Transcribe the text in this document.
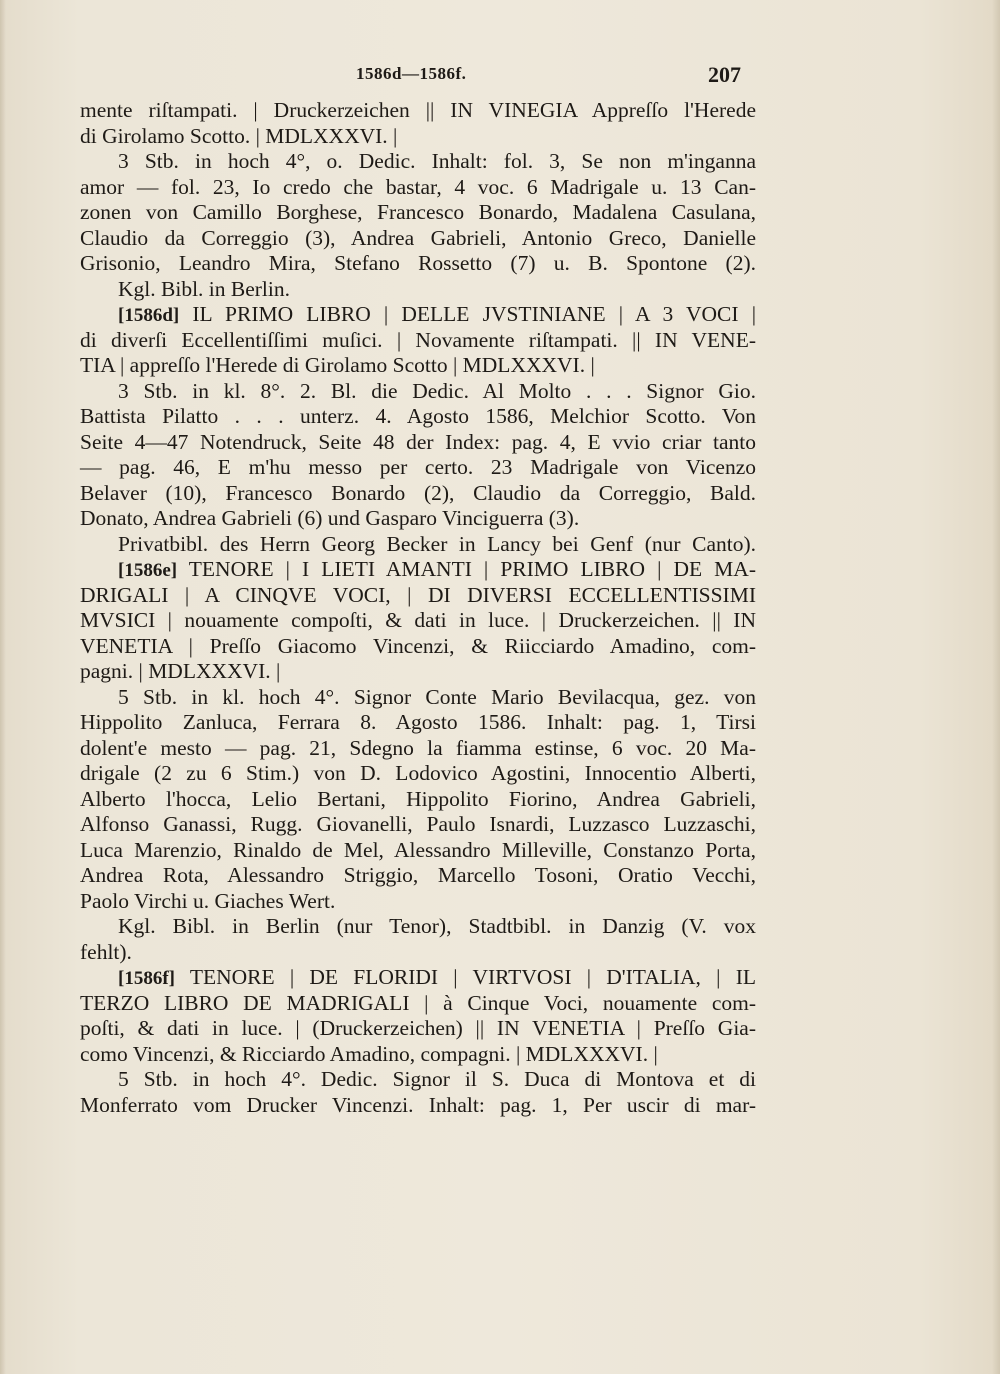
1586d—1586f.	207
mente riſtampati. | Druckerzeichen || IN VINEGIA Appreſſo l'Herede
di Girolamo Scotto. | MDLXXXVI. |
3 Stb. in hoch 4°, o. Dedic. Inhalt: fol. 3, Se non m'inganna
amor — fol. 23, Io credo che bastar, 4 voc. 6 Madrigale u. 13 Can-
zonen von Camillo Borghese, Francesco Bonardo, Madalena Casulana,
Claudio da Correggio (3), Andrea Gabrieli, Antonio Greco, Danielle
Grisonio, Leandro Mira, Stefano Rossetto (7) u. B. Spontone (2).
Kgl. Bibl. in Berlin.
[1586d] IL PRIMO LIBRO | DELLE JVSTINIANE | A 3 VOCI |
di diverſi Eccellentiſſimi muſici. | Novamente riſtampati. || IN VENE-
TIA | appreſſo l'Herede di Girolamo Scotto | MDLXXXVI. |
3 Stb. in kl. 8°. 2. Bl. die Dedic. Al Molto . . . Signor Gio.
Battista Pilatto . . . unterz. 4. Agosto 1586, Melchior Scotto. Von
Seite 4—47 Notendruck, Seite 48 der Index: pag. 4, E vvio criar tanto
— pag. 46, E m'hu messo per certo. 23 Madrigale von Vicenzo
Belaver (10), Francesco Bonardo (2), Claudio da Correggio, Bald.
Donato, Andrea Gabrieli (6) und Gasparo Vinciguerra (3).
Privatbibl. des Herrn Georg Becker in Lancy bei Genf (nur Canto).
[1586e] TENORE | I LIETI AMANTI | PRIMO LIBRO | DE MA-
DRIGALI | A CINQVE VOCI, | DI DIVERSI ECCELLENTISSIMI
MVSICI | nouamente compoſti, & dati in luce. | Druckerzeichen. || IN
VENETIA | Preſſo Giacomo Vincenzi, & Riicciardo Amadino, com-
pagni. | MDLXXXVI. |
5 Stb. in kl. hoch 4°. Signor Conte Mario Bevilacqua, gez. von
Hippolito Zanluca, Ferrara 8. Agosto 1586. Inhalt: pag. 1, Tirsi
dolent'e mesto — pag. 21, Sdegno la fiamma estinse, 6 voc. 20 Ma-
drigale (2 zu 6 Stim.) von D. Lodovico Agostini, Innocentio Alberti,
Alberto l'hocca, Lelio Bertani, Hippolito Fiorino, Andrea Gabrieli,
Alfonso Ganassi, Rugg. Giovanelli, Paulo Isnardi, Luzzasco Luzzaschi,
Luca Marenzio, Rinaldo de Mel, Alessandro Milleville, Constanzo Porta,
Andrea Rota, Alessandro Striggio, Marcello Tosoni, Oratio Vecchi,
Paolo Virchi u. Giaches Wert.
Kgl. Bibl. in Berlin (nur Tenor), Stadtbibl. in Danzig (V. vox
fehlt).
[1586f] TENORE | DE FLORIDI | VIRTVOSI | D'ITALIA, | IL
TERZO LIBRO DE MADRIGALI | à Cinque Voci, nouamente com-
poſti, & dati in luce. | (Druckerzeichen) || IN VENETIA | Preſſo Gia-
como Vincenzi, & Ricciardo Amadino, compagni. | MDLXXXVI. |
5 Stb. in hoch 4°. Dedic. Signor il S. Duca di Montova et di
Monferrato vom Drucker Vincenzi. Inhalt: pag. 1, Per uscir di mar-
